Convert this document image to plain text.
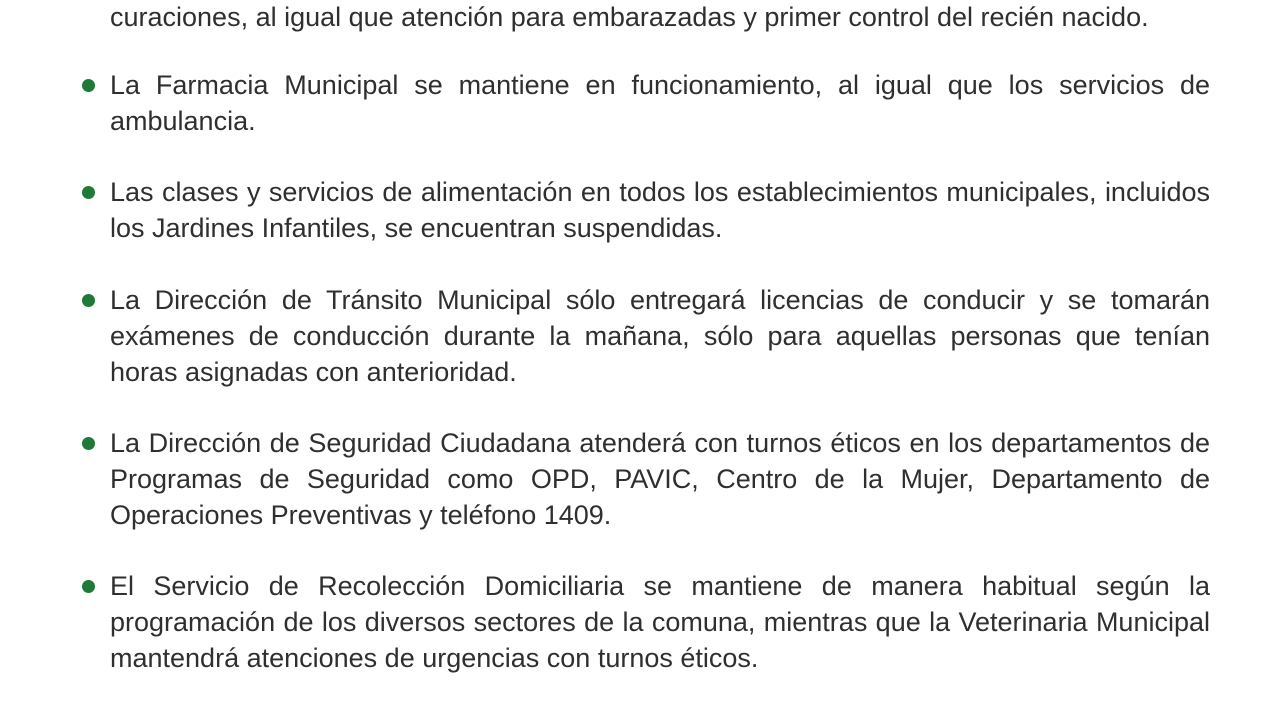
curaciones, al igual que atención para embarazadas y primer control del recién nacido.
La Farmacia Municipal se mantiene en funcionamiento, al igual que los servicios de ambulancia.
Las clases y servicios de alimentación en todos los establecimientos municipales, incluidos los Jardines Infantiles, se encuentran suspendidas.
La Dirección de Tránsito Municipal sólo entregará licencias de conducir y se tomarán exámenes de conducción durante la mañana, sólo para aquellas personas que tenían horas asignadas con anterioridad.
La Dirección de Seguridad Ciudadana atenderá con turnos éticos en los departamentos de Programas de Seguridad como OPD, PAVIC, Centro de la Mujer, Departamento de Operaciones Preventivas y teléfono 1409.
El Servicio de Recolección Domiciliaria se mantiene de manera habitual según la programación de los diversos sectores de la comuna, mientras que la Veterinaria Municipal mantendrá atenciones de urgencias con turnos éticos.
